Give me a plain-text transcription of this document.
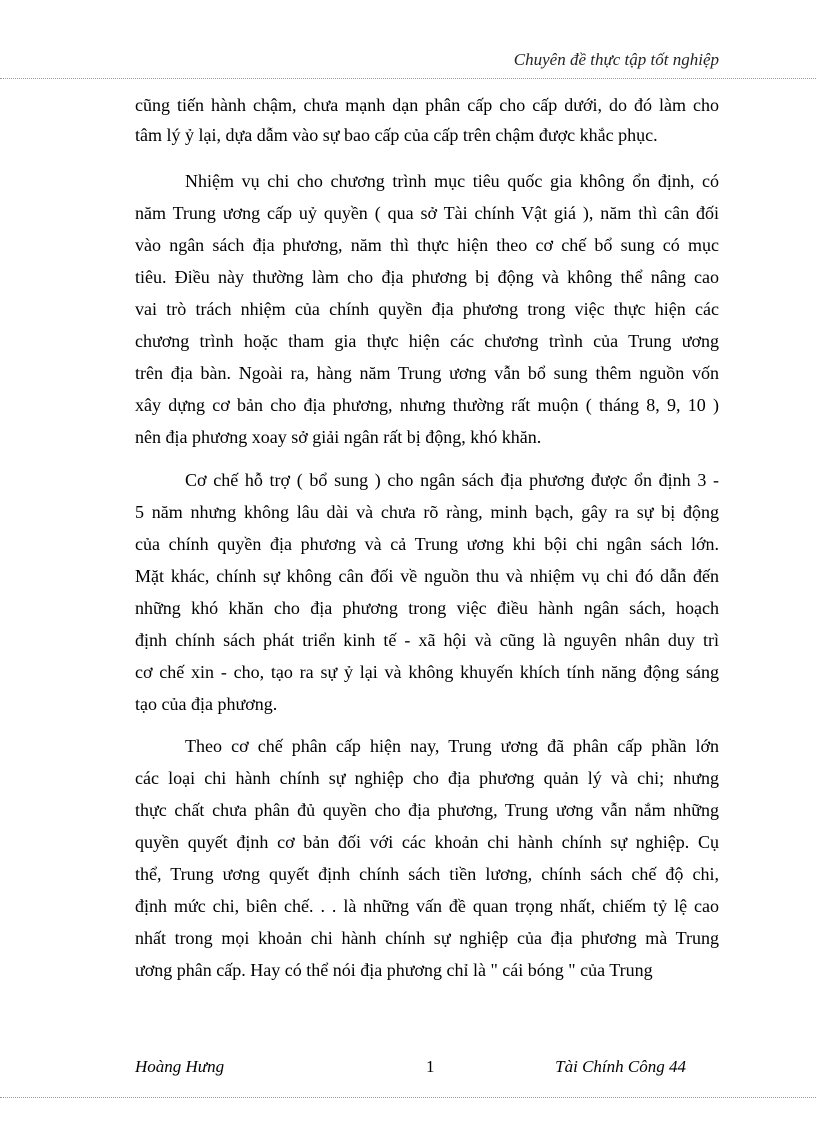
Chuyên đề thực tập tốt nghiệp
cũng tiến hành chậm, chưa mạnh dạn phân cấp cho cấp dưới, do đó làm cho
tâm lý ỷ lại, dựa dẫm vào sự bao cấp của cấp trên chậm được khắc phục.
Nhiệm vụ chi cho chương trình mục tiêu quốc gia không ổn định, có
năm Trung ương cấp uỷ quyền ( qua sở Tài chính Vật giá ), năm thì cân đối
vào ngân sách địa phương, năm thì thực hiện theo cơ chế bổ sung có mục
tiêu. Điều này thường làm cho địa phương bị động và không thể nâng cao
vai trò trách nhiệm của chính quyền địa phương trong việc thực hiện các
chương trình hoặc tham gia thực hiện các chương trình của Trung ương
trên địa bàn. Ngoài ra, hàng năm Trung ương vẫn bổ sung thêm nguồn vốn
xây dựng cơ bản cho địa phương, nhưng thường rất muộn ( tháng 8, 9, 10 )
nên địa phương xoay sở giải ngân rất bị động, khó khăn.
Cơ chế hỗ trợ ( bổ sung ) cho ngân sách địa phương được ổn định 3 -
5 năm nhưng không lâu dài và chưa rõ ràng, minh bạch, gây ra sự bị động
của chính quyền địa phương và cả Trung ương khi bội chi ngân sách lớn.
Mặt khác, chính sự không cân đối về nguồn thu và nhiệm vụ chi đó dẫn đến
những khó khăn cho địa phương trong việc điều hành ngân sách, hoạch
định chính sách phát triển kinh tế - xã hội và cũng là nguyên nhân duy trì
cơ chế xin - cho, tạo ra sự ỷ lại và không khuyến khích tính năng động sáng
tạo của địa phương.
Theo cơ chế phân cấp hiện nay, Trung ương đã phân cấp phần lớn
các loại chi hành chính sự nghiệp cho địa phương quản lý và chi; nhưng
thực chất chưa phân đủ quyền cho địa phương, Trung ương vẫn nắm những
quyền quyết định cơ bản đối với các khoản chi hành chính sự nghiệp. Cụ
thể, Trung ương quyết định chính sách tiền lương, chính sách chế độ chi,
định mức chi, biên chế. . . là những vấn đề quan trọng nhất, chiếm tỷ lệ cao
nhất trong mọi khoản chi hành chính sự nghiệp của địa phương mà Trung
ương phân cấp. Hay có thể nói địa phương chỉ là " cái bóng " của Trung
Hoàng Hưng	1	Tài Chính Công 44
